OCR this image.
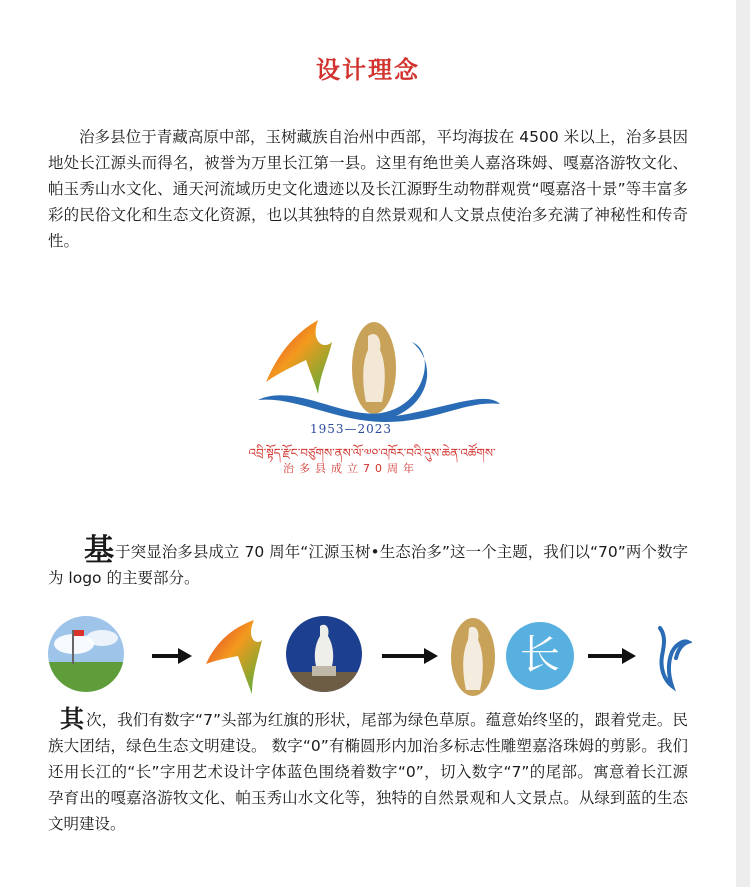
设计理念

治多县位于青藏高原中部，玉树藏族自治州中西部，平均海拔在 4500 米以上，治多县因地处长江源头而得名，被誉为万里长江第一县。这里有绝世美人嘉洛珠姆、嘎嘉洛游牧文化、帕玉秀山水文化、通天河流域历史文化遗迹以及长江源野生动物群观赏“嘎嘉洛十景”等丰富多彩的民俗文化和生态文化资源，也以其独特的自然景观和人文景点使治多充满了神秘性和传奇性。

1953—2023
འབྲི་སྟོད་རྫོང་བཙུགས་ནས་ལོ་༧༠་འཁོར་བའི་དུས་ཆེན་འཚོགས་
治多县成立70周年

基于突显治多县成立 70 周年“江源玉树•生态治多”这一个主题，我们以“70”两个数字为 logo 的主要部分。

长

其次，我们有数字“7”头部为红旗的形状，尾部为绿色草原。蕴意始终坚的，跟着党走。民族大团结，绿色生态文明建设。 数字“0”有椭圆形内加治多标志性雕塑嘉洛珠姆的剪影。我们还用长江的“长”字用艺术设计字体蓝色围绕着数字“0”，切入数字“7”的尾部。寓意着长江源孕育出的嘎嘉洛游牧文化、帕玉秀山水文化等，独特的自然景观和人文景点。从绿到蓝的生态文明建设。
